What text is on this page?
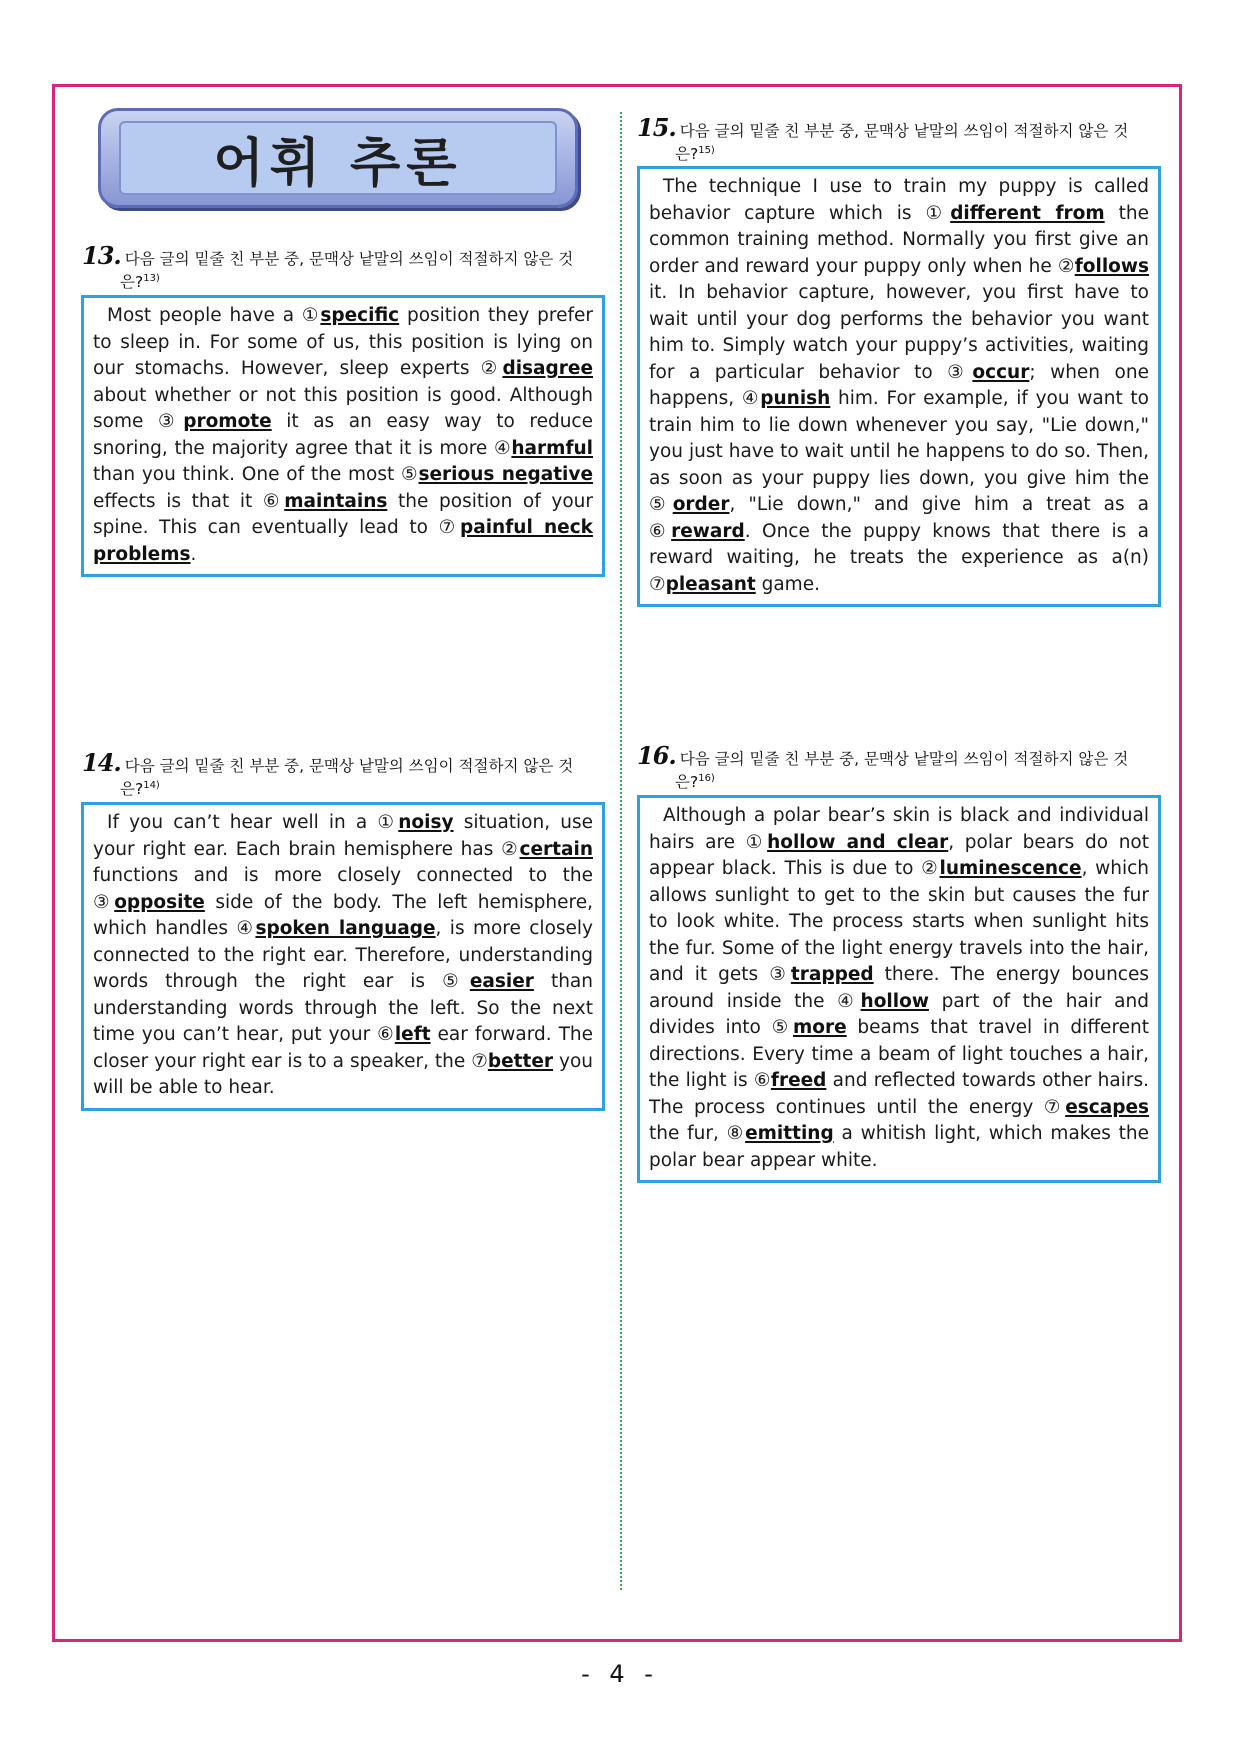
어휘 추론
13. 다음 글의 밑줄 친 부분 중, 문맥상 낱말의 쓰임이 적절하지 않은 것
은?$^{13)}$
Most people have a ①specific position they prefer to sleep in. For some of us, this position is lying on our stomachs. However, sleep experts ②disagree about whether or not this position is good. Although some ③promote it as an easy way to reduce snoring, the majority agree that it is more ④harmful than you think. One of the most ⑤serious negative effects is that it ⑥maintains the position of your spine. This can eventually lead to ⑦painful neck problems.
14. 다음 글의 밑줄 친 부분 중, 문맥상 낱말의 쓰임이 적절하지 않은 것
은?$^{14)}$
If you can’t hear well in a ①noisy situation, use your right ear. Each brain hemisphere has ②certain functions and is more closely connected to the ③opposite side of the body. The left hemisphere, which handles ④spoken language, is more closely connected to the right ear. Therefore, understanding words through the right ear is ⑤easier than understanding words through the left. So the next time you can’t hear, put your ⑥left ear forward. The closer your right ear is to a speaker, the ⑦better you will be able to hear.
15. 다음 글의 밑줄 친 부분 중, 문맥상 낱말의 쓰임이 적절하지 않은 것
은?$^{15)}$
The technique I use to train my puppy is called behavior capture which is ①different from the common training method. Normally you first give an order and reward your puppy only when he ②follows it. In behavior capture, however, you first have to wait until your dog performs the behavior you want him to. Simply watch your puppy’s activities, waiting for a particular behavior to ③occur; when one happens, ④punish him. For example, if you want to train him to lie down whenever you say, "Lie down," you just have to wait until he happens to do so. Then, as soon as your puppy lies down, you give him the ⑤order, "Lie down," and give him a treat as a ⑥reward. Once the puppy knows that there is a reward waiting, he treats the experience as a(n) ⑦pleasant game.
16. 다음 글의 밑줄 친 부분 중, 문맥상 낱말의 쓰임이 적절하지 않은 것
은?$^{16)}$
Although a polar bear’s skin is black and individual hairs are ①hollow and clear, polar bears do not appear black. This is due to ②luminescence, which allows sunlight to get to the skin but causes the fur to look white. The process starts when sunlight hits the fur. Some of the light energy travels into the hair, and it gets ③trapped there. The energy bounces around inside the ④hollow part of the hair and divides into ⑤more beams that travel in different directions. Every time a beam of light touches a hair, the light is ⑥freed and reflected towards other hairs. The process continues until the energy ⑦escapes the fur, ⑧emitting a whitish light, which makes the polar bear appear white.
- 4 -
